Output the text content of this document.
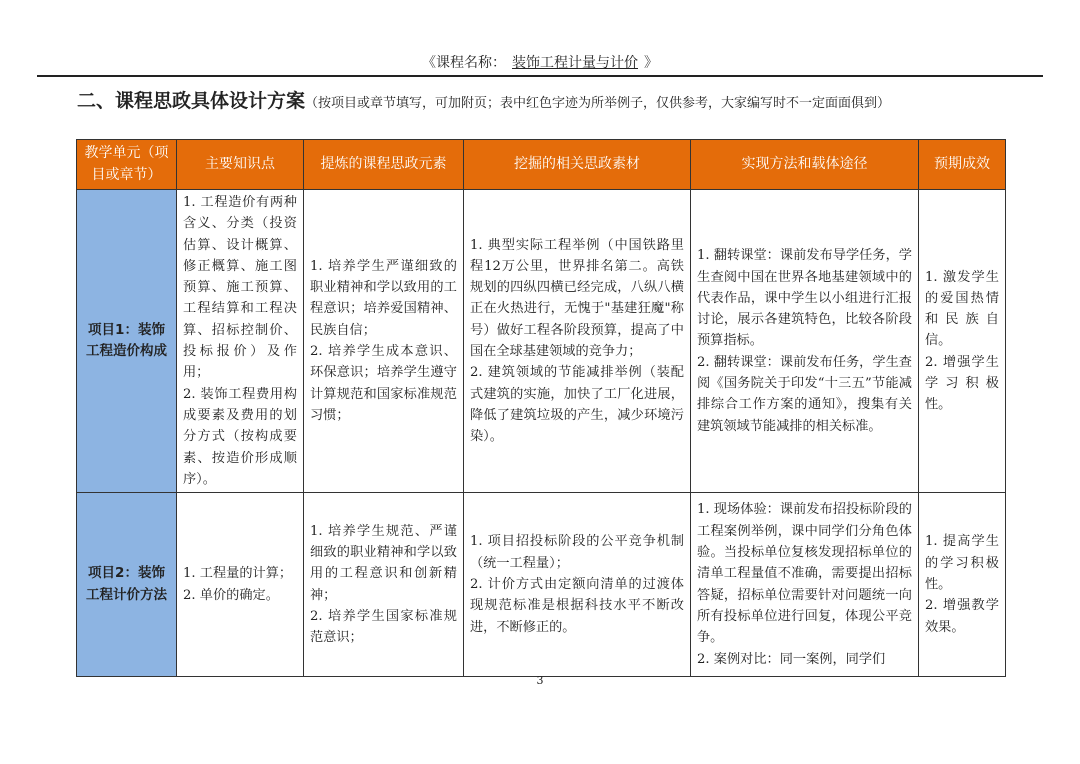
《课程名称： 装饰工程计量与计价 》
二、课程思政具体设计方案（按项目或章节填写，可加附页；表中红色字迹为所举例子，仅供参考，大家编写时不一定面面俱到）
教学单元（项目或章节）	主要知识点	提炼的课程思政元素	挖掘的相关思政素材	实现方法和载体途径	预期成效
项目1：装饰工程造价构成	1. 工程造价有两种含义、分类（投资估算、设计概算、修正概算、施工图预算、施工预算、工程结算和工程决算、招标控制价、投标报价）及作用；
2. 装饰工程费用构成要素及费用的划分方式（按构成要素、按造价形成顺序）。	1. 培养学生严谨细致的职业精神和学以致用的工程意识；培养爱国精神、民族自信；
2. 培养学生成本意识、环保意识；培养学生遵守计算规范和国家标准规范习惯；	1. 典型实际工程举例（中国铁路里程12万公里，世界排名第二。高铁规划的四纵四横已经完成，八纵八横正在火热进行，无愧于"基建狂魔"称号）做好工程各阶段预算，提高了中国在全球基建领域的竞争力；
2. 建筑领域的节能减排举例（装配式建筑的实施，加快了工厂化进展，降低了建筑垃圾的产生，减少环境污染）。	1. 翻转课堂：课前发布导学任务，学生查阅中国在世界各地基建领域中的代表作品，课中学生以小组进行汇报讨论，展示各建筑特色，比较各阶段预算指标。
2. 翻转课堂：课前发布任务，学生查阅《国务院关于印发“十三五”节能减排综合工作方案的通知》，搜集有关建筑领域节能减排的相关标准。	1. 激发学生的爱国热情和民族自信。
2. 增强学生学习积极性。
项目2：装饰工程计价方法	1. 工程量的计算；
2. 单价的确定。	1. 培养学生规范、严谨细致的职业精神和学以致用的工程意识和创新精神；
2. 培养学生国家标准规范意识；	1. 项目招投标阶段的公平竞争机制（统一工程量）；
2. 计价方式由定额向清单的过渡体现规范标准是根据科技水平不断改进，不断修正的。	1. 现场体验：课前发布招投标阶段的工程案例举例，课中同学们分角色体验。当投标单位复核发现招标单位的清单工程量值不准确，需要提出招标答疑，招标单位需要针对问题统一向所有投标单位进行回复，体现公平竞争。
2. 案例对比：同一案例，同学们	1. 提高学生的学习积极性。
2. 增强教学效果。
3
